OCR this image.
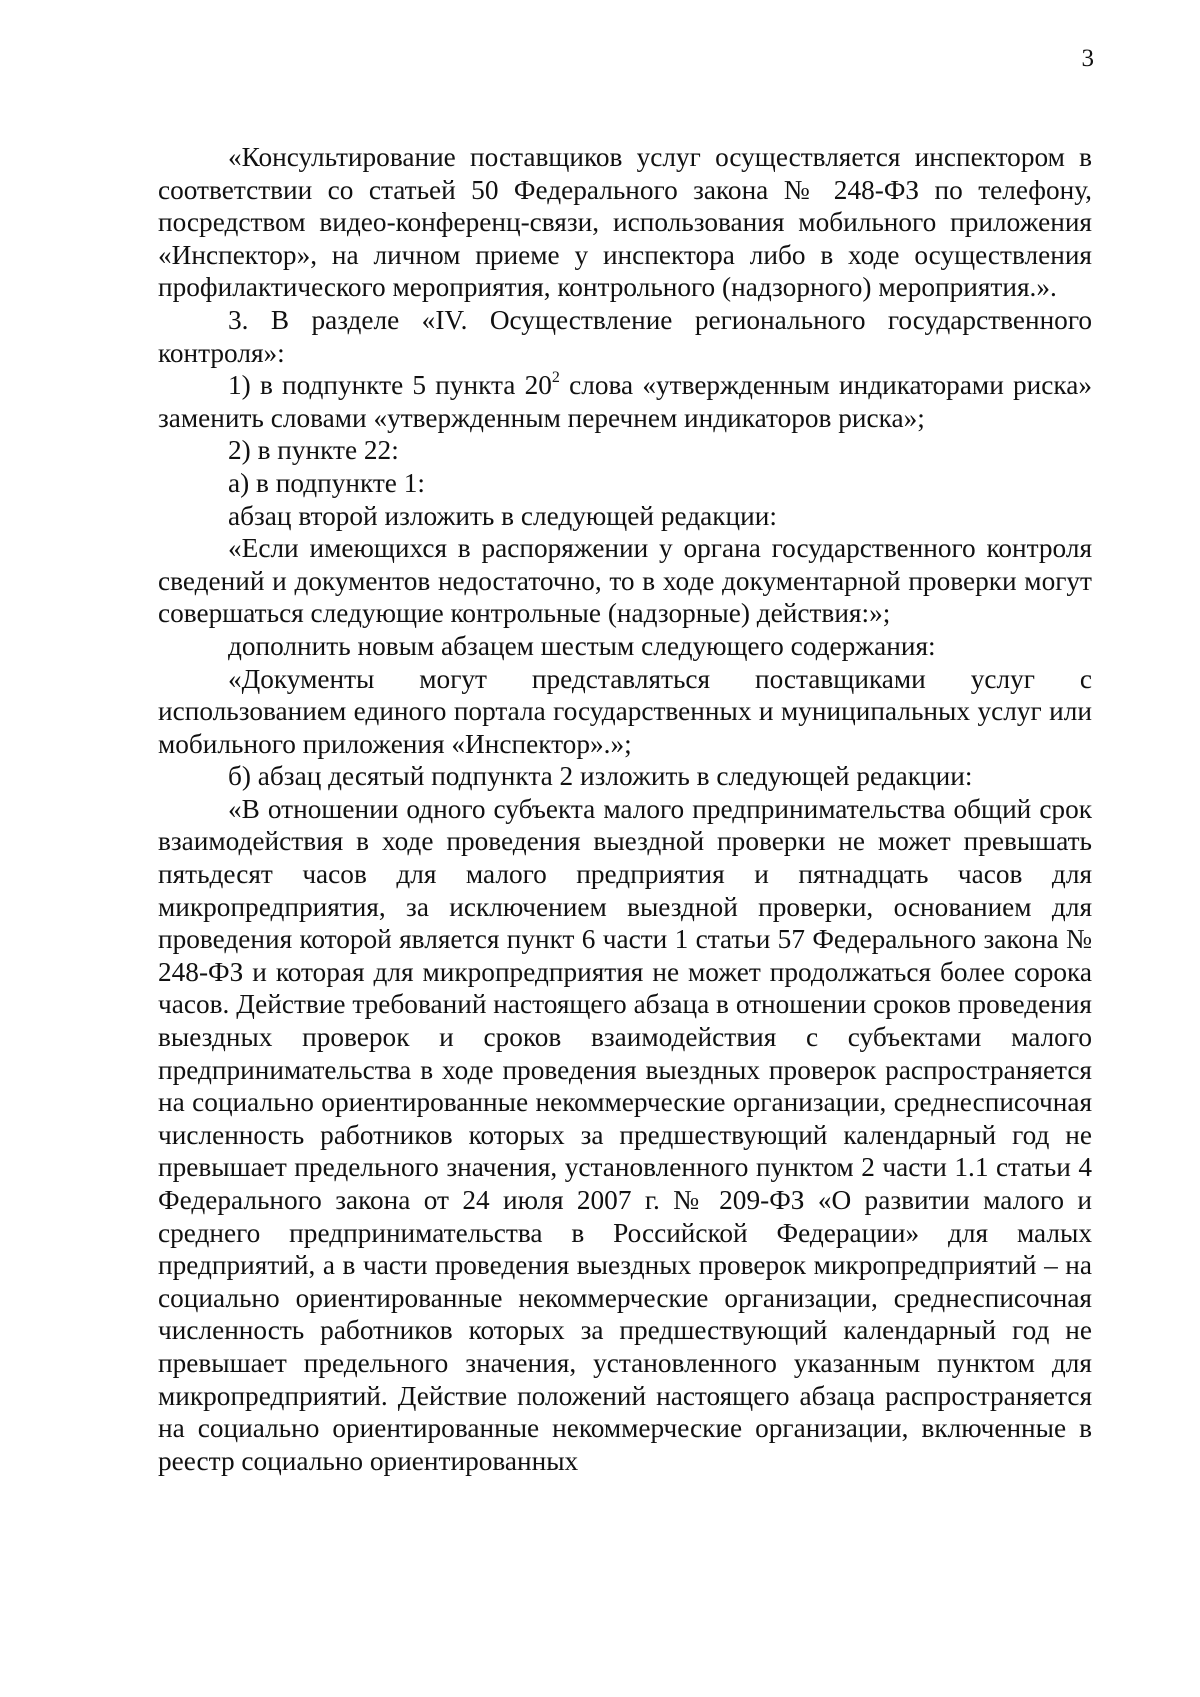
3

«Консультирование поставщиков услуг осуществляется инспектором в соответствии со статьей 50 Федерального закона № 248-ФЗ по телефону, посредством видео-конференц-связи, использования мобильного приложения «Инспектор», на личном приеме у инспектора либо в ходе осуществления профилактического мероприятия, контрольного (надзорного) мероприятия.».

3. В разделе «IV. Осуществление регионального государственного контроля»:

1) в подпункте 5 пункта $20^2$ слова «утвержденным индикаторами риска» заменить словами «утвержденным перечнем индикаторов риска»;

2) в пункте 22:

а) в подпункте 1:

абзац второй изложить в следующей редакции:

«Если имеющихся в распоряжении у органа государственного контроля сведений и документов недостаточно, то в ходе документарной проверки могут совершаться следующие контрольные (надзорные) действия:»;

дополнить новым абзацем шестым следующего содержания:

«Документы могут представляться поставщиками услуг с использованием единого портала государственных и муниципальных услуг или мобильного приложения «Инспектор».»;

б) абзац десятый подпункта 2 изложить в следующей редакции:

«В отношении одного субъекта малого предпринимательства общий срок взаимодействия в ходе проведения выездной проверки не может превышать пятьдесят часов для малого предприятия и пятнадцать часов для микропредприятия, за исключением выездной проверки, основанием для проведения которой является пункт 6 части 1 статьи 57 Федерального закона № 248-ФЗ и которая для микропредприятия не может продолжаться более сорока часов. Действие требований настоящего абзаца в отношении сроков проведения выездных проверок и сроков взаимодействия с субъектами малого предпринимательства в ходе проведения выездных проверок распространяется на социально ориентированные некоммерческие организации, среднесписочная численность работников которых за предшествующий календарный год не превышает предельного значения, установленного пунктом 2 части 1.1 статьи 4 Федерального закона от 24 июля 2007 г. № 209-ФЗ «О развитии малого и среднего предпринимательства в Российской Федерации» для малых предприятий, а в части проведения выездных проверок микропредприятий – на социально ориентированные некоммерческие организации, среднесписочная численность работников которых за предшествующий календарный год не превышает предельного значения, установленного указанным пунктом для микропредприятий. Действие положений настоящего абзаца распространяется на социально ориентированные некоммерческие организации, включенные в реестр социально ориентированных
